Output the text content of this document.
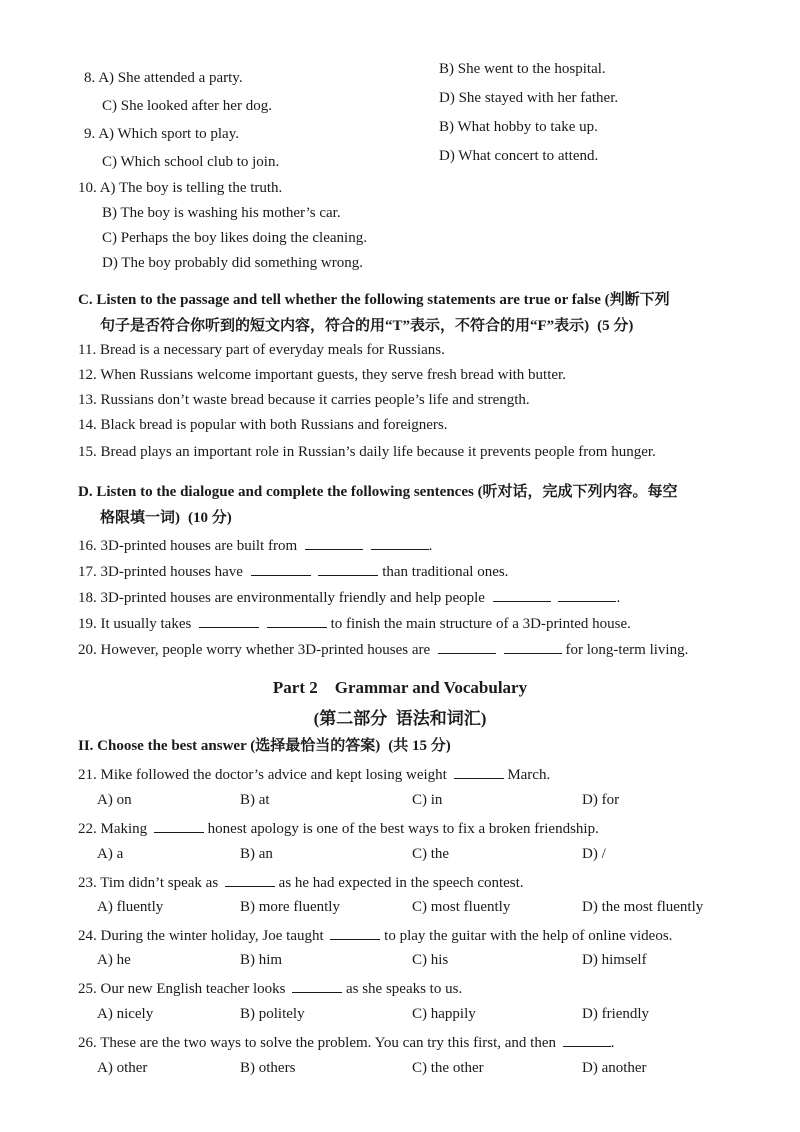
8. A) She attended a party.
B) She went to the hospital.
C) She looked after her dog.	D) She stayed with her father.
9. A) Which sport to play.	B) What hobby to take up.
C) Which school club to join.	D) What concert to attend.
10. A) The boy is telling the truth.
B) The boy is washing his mother’s car.
C) Perhaps the boy likes doing the cleaning.
D) The boy probably did something wrong.
C. Listen to the passage and tell whether the following statements are true or false (判断下列
句子是否符合你听到的短文内容，符合的用“T”表示，不符合的用“F”表示) (5 分)
11. Bread is a necessary part of everyday meals for Russians.
12. When Russians welcome important guests, they serve fresh bread with butter.
13. Russians don’t waste bread because it carries people’s life and strength.
14. Black bread is popular with both Russians and foreigners.
15. Bread plays an important role in Russian’s daily life because it prevents people from hunger.
D. Listen to the dialogue and complete the following sentences (听对话，完成下列内容。每空
格限填一词) (10 分)
16. 3D-printed houses are built from	.
17. 3D-printed houses have	than traditional ones.
18. 3D-printed houses are environmentally friendly and help people	.
19. It usually takes	to finish the main structure of a 3D-printed house.
20. However, people worry whether 3D-printed houses are	for long-term living.
Part 2    Grammar and Vocabulary
(第二部分  语法和词汇)
II. Choose the best answer (选择最恰当的答案) (共 15 分)
21. Mike followed the doctor’s advice and kept losing weight	March.
A) on	B) at	C) in	D) for
22. Making	honest apology is one of the best ways to fix a broken friendship.
A) a	B) an	C) the	D) /
23. Tim didn’t speak as	as he had expected in the speech contest.
A) fluently	B) more fluently	C) most fluently	D) the most fluently
24. During the winter holiday, Joe taught	to play the guitar with the help of online videos.
A) he	B) him	C) his	D) himself
25. Our new English teacher looks	as she speaks to us.
A) nicely	B) politely	C) happily	D) friendly
26. These are the two ways to solve the problem. You can try this first, and then	.
A) other	B) others	C) the other	D) another
